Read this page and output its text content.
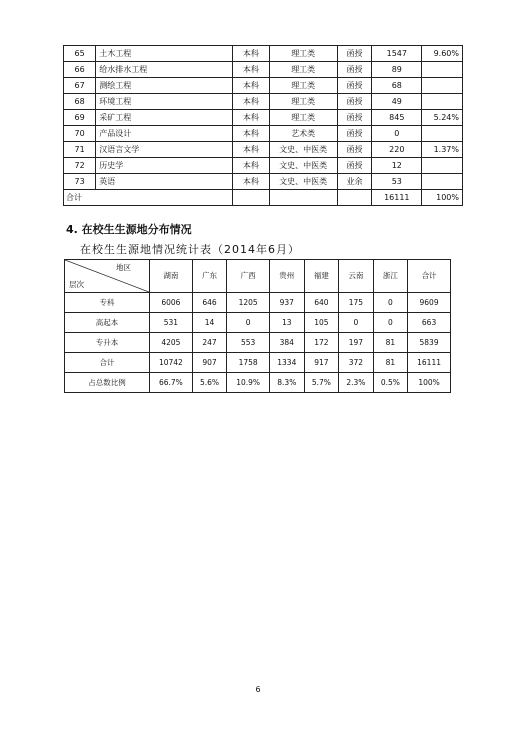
65	土木工程	本科	理工类	函授	1547	9.60%
66	给水排水工程	本科	理工类	函授	89	
67	测绘工程	本科	理工类	函授	68	
68	环境工程	本科	理工类	函授	49	
69	采矿工程	本科	理工类	函授	845	5.24%
70	产品设计	本科	艺术类	函授	0	
71	汉语言文学	本科	文史、中医类	函授	220	1.37%
72	历史学	本科	文史、中医类	函授	12	
73	英语	本科	文史、中医类	业余	53	
合计					16111	100%
4. 在校生生源地分布情况
在校生生源地情况统计表（2014年6月）
地区
层次	湖南	广东	广西	贵州	福建	云南	浙江	合计
专科	6006	646	1205	937	640	175	0	9609
高起本	531	14	0	13	105	0	0	663
专升本	4205	247	553	384	172	197	81	5839
合计	10742	907	1758	1334	917	372	81	16111
占总数比例	66.7%	5.6%	10.9%	8.3%	5.7%	2.3%	0.5%	100%
6
